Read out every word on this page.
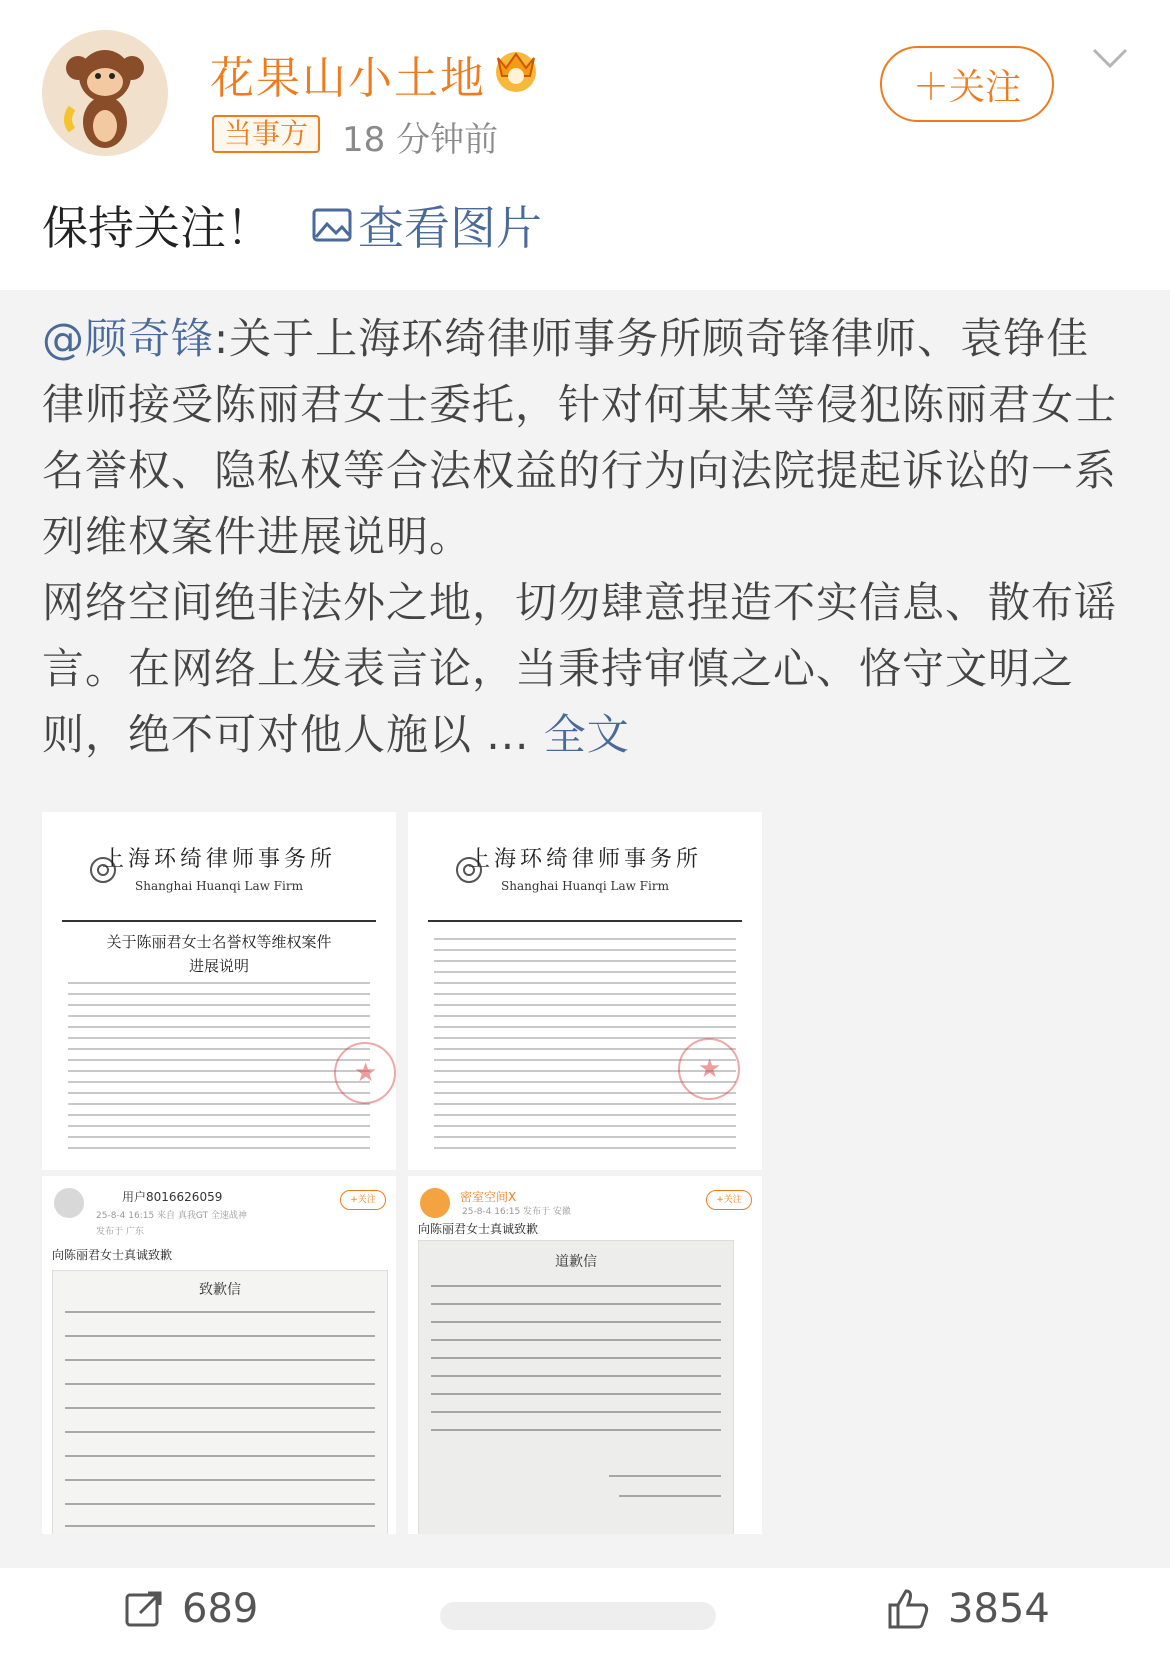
花果山小土地
当事方 18 分钟前
＋关注
保持关注！ 查看图片
@顾奇锋:关于上海环绮律师事务所顾奇锋律师、袁铮佳律师接受陈丽君女士委托，针对何某某等侵犯陈丽君女士名誉权、隐私权等合法权益的行为向法院提起诉讼的一系列维权案件进展说明。
网络空间绝非法外之地，切勿肆意捏造不实信息、散布谣言。在网络上发表言论，当秉持审慎之心、恪守文明之则，绝不可对他人施以 ... 全文
上海环绮律师事务所
Shanghai Huanqi Law Firm
关于陈丽君女士名誉权等维权案件
进展说明
★
上海环绮律师事务所
Shanghai Huanqi Law Firm
★
用户8016626059
25-8-4 16:15 来自 真我GT 全速战神
发布于 广东
+关注
向陈丽君女士真诚致歉
致歉信
密室空间X
25-8-4 16:15 发布于 安徽
+关注
向陈丽君女士真诚致歉
道歉信
689	3854
